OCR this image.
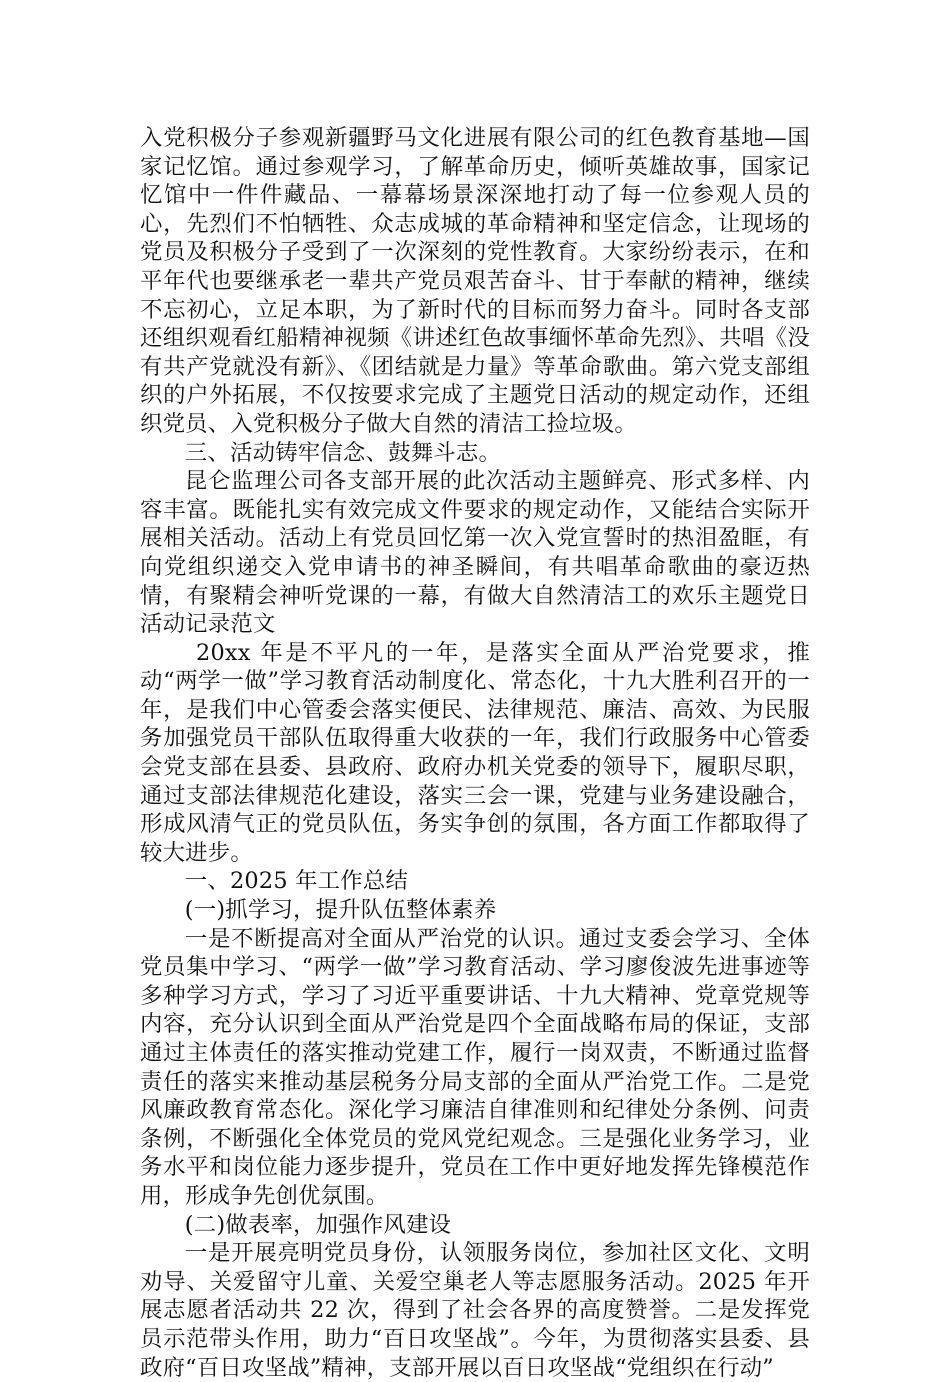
入党积极分子参观新疆野马文化进展有限公司的红色教育基地—国家记忆馆。通过参观学习，了解革命历史，倾听英雄故事，国家记忆馆中一件件藏品、一幕幕场景深深地打动了每一位参观人员的心，先烈们不怕牺牲、众志成城的革命精神和坚定信念，让现场的党员及积极分子受到了一次深刻的党性教育。大家纷纷表示，在和平年代也要继承老一辈共产党员艰苦奋斗、甘于奉献的精神，继续不忘初心，立足本职，为了新时代的目标而努力奋斗。同时各支部还组织观看红船精神视频《讲述红色故事缅怀革命先烈》、共唱《没有共产党就没有新》、《团结就是力量》等革命歌曲。第六党支部组织的户外拓展，不仅按要求完成了主题党日活动的规定动作，还组织党员、入党积极分子做大自然的清洁工捡垃圾。

三、活动铸牢信念、鼓舞斗志。

昆仑监理公司各支部开展的此次活动主题鲜亮、形式多样、内容丰富。既能扎实有效完成文件要求的规定动作，又能结合实际开展相关活动。活动上有党员回忆第一次入党宣誓时的热泪盈眶，有向党组织递交入党申请书的神圣瞬间，有共唱革命歌曲的豪迈热情，有聚精会神听党课的一幕，有做大自然清洁工的欢乐主题党日活动记录范文

20xx 年是不平凡的一年，是落实全面从严治党要求，推动“两学一做”学习教育活动制度化、常态化，十九大胜利召开的一年，是我们中心管委会落实便民、法律规范、廉洁、高效、为民服务加强党员干部队伍取得重大收获的一年，我们行政服务中心管委会党支部在县委、县政府、政府办机关党委的领导下，履职尽职，通过支部法律规范化建设，落实三会一课，党建与业务建设融合，形成风清气正的党员队伍，务实争创的氛围，各方面工作都取得了较大进步。

一、2025 年工作总结

(一)抓学习，提升队伍整体素养

一是不断提高对全面从严治党的认识。通过支委会学习、全体党员集中学习、“两学一做”学习教育活动、学习廖俊波先进事迹等多种学习方式，学习了习近平重要讲话、十九大精神、党章党规等内容，充分认识到全面从严治党是四个全面战略布局的保证，支部通过主体责任的落实推动党建工作，履行一岗双责，不断通过监督责任的落实来推动基层税务分局支部的全面从严治党工作。二是党风廉政教育常态化。深化学习廉洁自律准则和纪律处分条例、问责条例，不断强化全体党员的党风党纪观念。三是强化业务学习，业务水平和岗位能力逐步提升，党员在工作中更好地发挥先锋模范作用，形成争先创优氛围。

(二)做表率，加强作风建设

一是开展亮明党员身份，认领服务岗位，参加社区文化、文明劝导、关爱留守儿童、关爱空巢老人等志愿服务活动。2025 年开展志愿者活动共 22 次，得到了社会各界的高度赞誉。二是发挥党员示范带头作用，助力“百日攻坚战”。今年，为贯彻落实县委、县政府“百日攻坚战”精神，支部开展以百日攻坚战“党组织在行动”
